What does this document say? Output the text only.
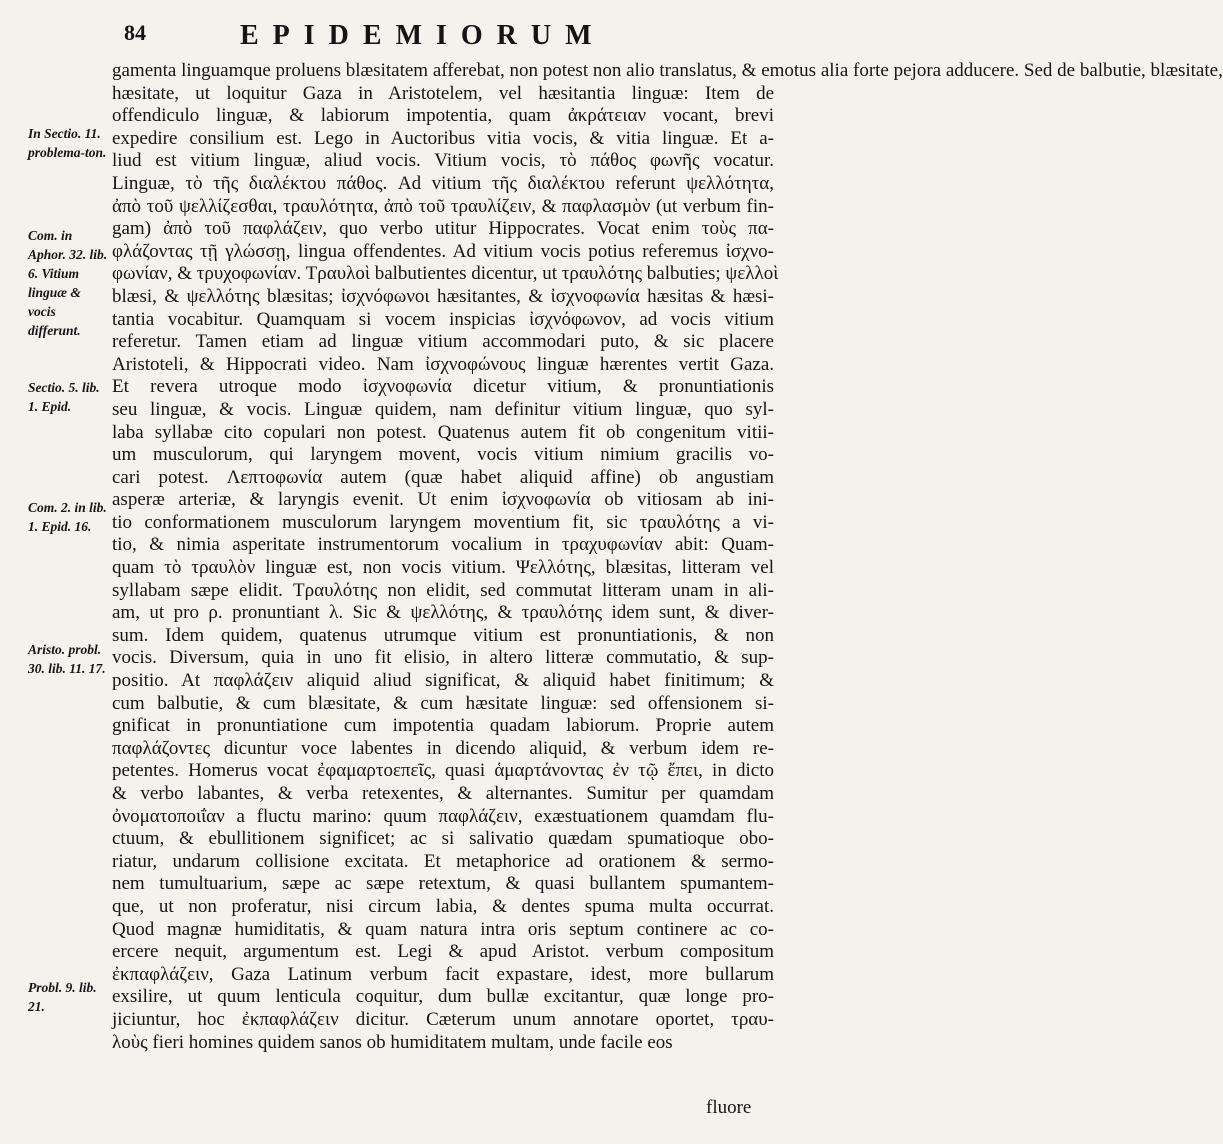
84	EPIDEMIORUM
In Sectio. 11. problema-ton.
Com. in Aphor. 32. lib. 6. Vitium linguæ & vocis differunt.
Sectio. 5. lib. 1. Epid.
Com. 2. in lib. 1. Epid. 16.
Aristo. probl. 30. lib. 11. 17.
Probl. 9. lib. 21.
gamenta linguamque proluens blæsitatem afferebat, non potest non alio translatus, & emotus alia forte pejora adducere. Sed de balbutie, blæsitate,
hæsitate, ut loquitur Gaza in Aristotelem, vel hæsitantia linguæ: Item de
offendiculo linguæ, & labiorum impotentia, quam ἀκράτειαν vocant, brevi
expedire consilium est. Lego in Auctoribus vitia vocis, & vitia linguæ. Et a-
liud est vitium linguæ, aliud vocis. Vitium vocis, τὸ πάθος φωνῆς vocatur.
Linguæ, τὸ τῆς διαλέκτου πάθος. Ad vitium τῆς διαλέκτου referunt ψελλότητα,
ἀπὸ τοῦ ψελλίζεσθαι, τραυλότητα, ἀπὸ τοῦ τραυλίζειν, & παφλασμὸν (ut verbum fin-
gam) ἀπὸ τοῦ παφλάζειν, quo verbo utitur Hippocrates. Vocat enim τοὺς πα-
φλάζοντας τῇ γλώσσῃ, lingua offendentes. Ad vitium vocis potius referemus ἰσχνο-
φωνίαν, & τρυχοφωνίαν. Τραυλοὶ balbutientes dicentur, ut τραυλότης balbuties; ψελλοὶ
blæsi, & ψελλότης blæsitas; ἰσχνόφωνοι hæsitantes, & ἰσχνοφωνία hæsitas & hæsi-
tantia vocabitur. Quamquam si vocem inspicias ἰσχνόφωνον, ad vocis vitium
referetur. Tamen etiam ad linguæ vitium accommodari puto, & sic placere
Aristoteli, & Hippocrati video. Nam ἰσχνοφώνους linguæ hærentes vertit Gaza.
Et revera utroque modo ἰσχνοφωνία dicetur vitium, & pronuntiationis
seu linguæ, & vocis. Linguæ quidem, nam definitur vitium linguæ, quo syl-
laba syllabæ cito copulari non potest. Quatenus autem fit ob congenitum vitii-
um musculorum, qui laryngem movent, vocis vitium nimium gracilis vo-
cari potest. Λεπτοφωνία autem (quæ habet aliquid affine) ob angustiam
asperæ arteriæ, & laryngis evenit. Ut enim ἰσχνοφωνία ob vitiosam ab ini-
tio conformationem musculorum laryngem moventium fit, sic τραυλότης a vi-
tio, & nimia asperitate instrumentorum vocalium in τραχυφωνίαν abit: Quam-
quam τὸ τραυλὸν linguæ est, non vocis vitium. Ψελλότης, blæsitas, litteram vel
syllabam sæpe elidit. Τραυλότης non elidit, sed commutat litteram unam in ali-
am, ut pro ρ. pronuntiant λ. Sic & ψελλότης, & τραυλότης idem sunt, & diver-
sum. Idem quidem, quatenus utrumque vitium est pronuntiationis, & non
vocis. Diversum, quia in uno fit elisio, in altero litteræ commutatio, & sup-
positio. At παφλάζειν aliquid aliud significat, & aliquid habet finitimum; &
cum balbutie, & cum blæsitate, & cum hæsitate linguæ: sed offensionem si-
gnificat in pronuntiatione cum impotentia quadam labiorum. Proprie autem
παφλάζοντες dicuntur voce labentes in dicendo aliquid, & verbum idem re-
petentes. Homerus vocat ἐφαμαρτοεπεῖς, quasi ἁμαρτάνοντας ἐν τῷ ἔπει, in dicto
& verbo labantes, & verba retexentes, & alternantes. Sumitur per quamdam
ὀνοματοποιΐαν a fluctu marino: quum παφλάζειν, exæstuationem quamdam flu-
ctuum, & ebullitionem significet; ac si salivatio quædam spumatioque obo-
riatur, undarum collisione excitata. Et metaphorice ad orationem & sermo-
nem tumultuarium, sæpe ac sæpe retextum, & quasi bullantem spumantem-
que, ut non proferatur, nisi circum labia, & dentes spuma multa occurrat.
Quod magnæ humiditatis, & quam natura intra oris septum continere ac co-
ercere nequit, argumentum est. Legi & apud Aristot. verbum compositum
ἐκπαφλάζειν, Gaza Latinum verbum facit expastare, idest, more bullarum
exsilire, ut quum lenticula coquitur, dum bullæ excitantur, quæ longe pro-
jiciuntur, hoc ἐκπαφλάζειν dicitur. Cæterum unum annotare oportet, τραυ-
λοὺς fieri homines quidem sanos ob humiditatem multam, unde facile eos
fluore
